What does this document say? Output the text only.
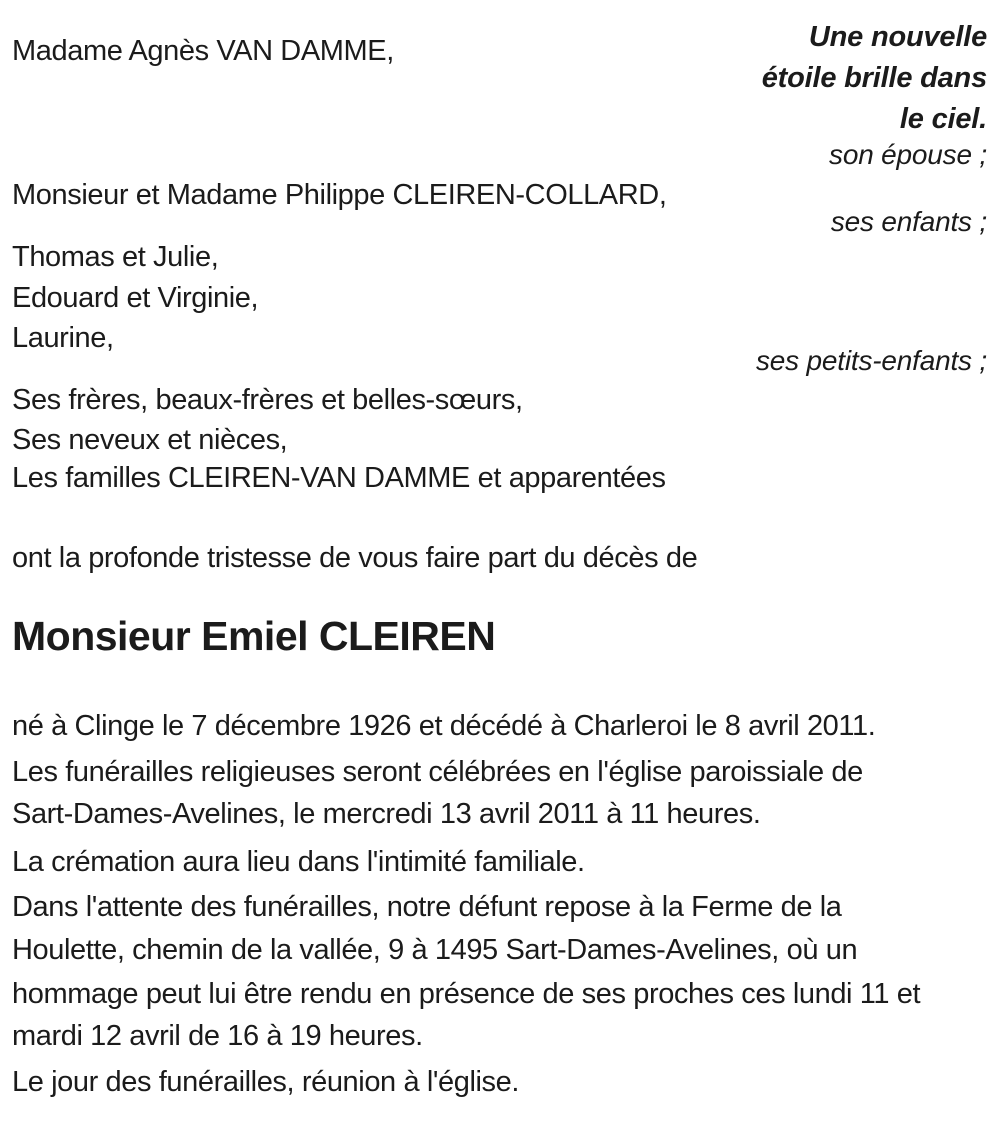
Madame Agnès VAN DAMME,
Monsieur et Madame Philippe CLEIREN-COLLARD,
Thomas et Julie,
Edouard et Virginie,
Laurine,
Ses frères, beaux-frères et belles-sœurs,
Ses neveux et nièces,
Les familles CLEIREN-VAN DAMME et apparentées
Une nouvelle
étoile brille dans
le ciel.
son épouse ;
ses enfants ;
ses petits-enfants ;
ont la profonde tristesse de vous faire part du décès de
Monsieur Emiel CLEIREN
né à Clinge le 7 décembre 1926 et décédé à Charleroi le 8 avril 2011.
Les funérailles religieuses seront célébrées en l'église paroissiale de
Sart-Dames-Avelines, le mercredi 13 avril 2011 à 11 heures.
La crémation aura lieu dans l'intimité familiale.
Dans l'attente des funérailles, notre défunt repose à la Ferme de la
Houlette, chemin de la vallée, 9 à 1495 Sart-Dames-Avelines, où un
hommage peut lui être rendu en présence de ses proches ces lundi 11 et
mardi 12 avril de 16 à 19 heures.
Le jour des funérailles, réunion à l'église.
